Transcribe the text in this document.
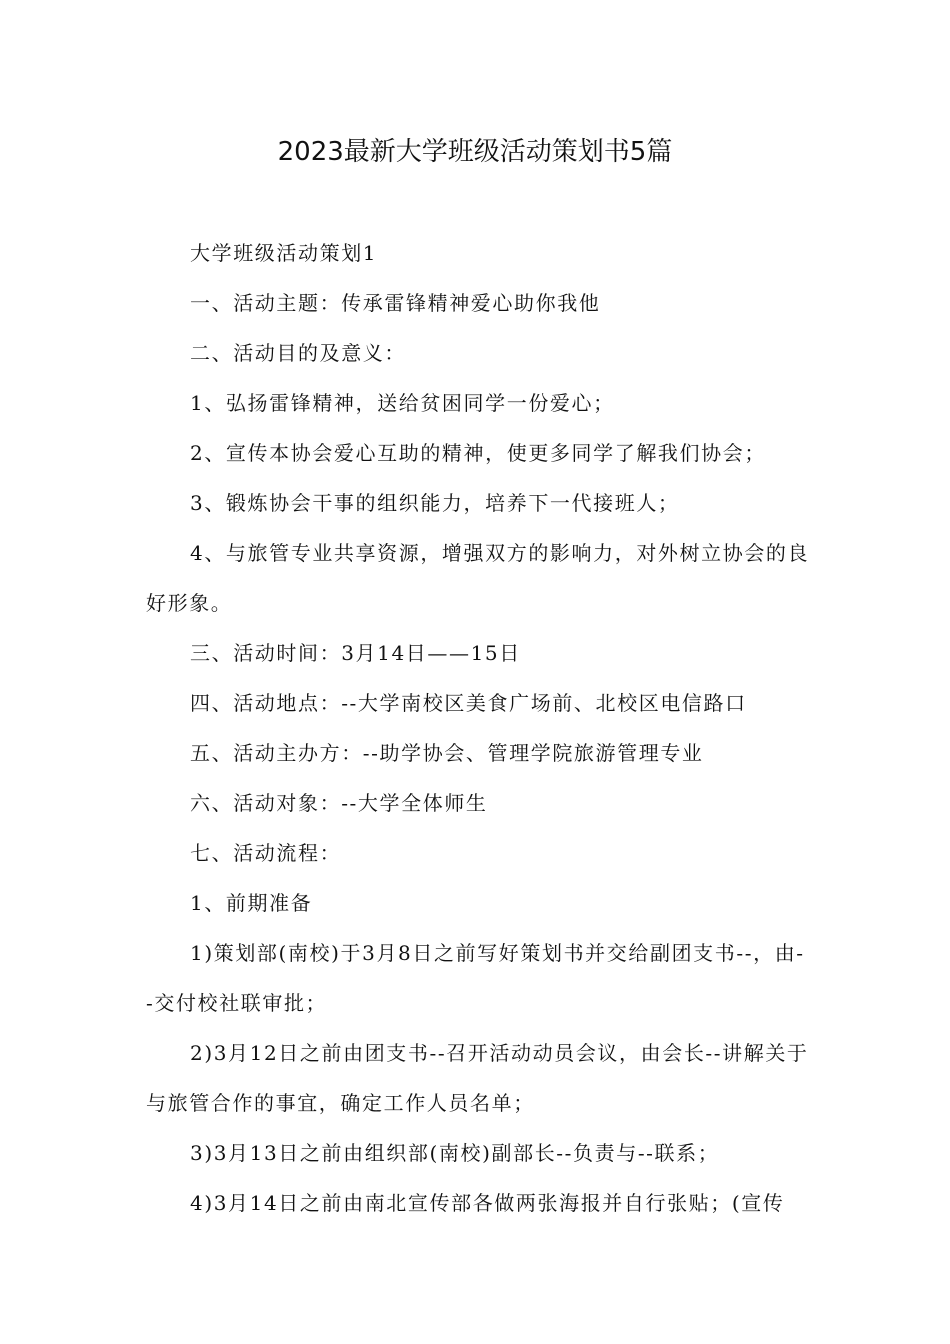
2023最新大学班级活动策划书5篇

大学班级活动策划1

一、活动主题：传承雷锋精神爱心助你我他

二、活动目的及意义：

1、弘扬雷锋精神，送给贫困同学一份爱心；

2、宣传本协会爱心互助的精神，使更多同学了解我们协会；

3、锻炼协会干事的组织能力，培养下一代接班人；

4、与旅管专业共享资源，增强双方的影响力，对外树立协会的良好形象。

三、活动时间：3月14日——15日

四、活动地点：--大学南校区美食广场前、北校区电信路口

五、活动主办方：--助学协会、管理学院旅游管理专业

六、活动对象：--大学全体师生

七、活动流程：

1、前期准备

1)策划部(南校)于3月8日之前写好策划书并交给副团支书--，由--交付校社联审批；

2)3月12日之前由团支书--召开活动动员会议，由会长--讲解关于与旅管合作的事宜，确定工作人员名单；

3)3月13日之前由组织部(南校)副部长--负责与--联系；

4)3月14日之前由南北宣传部各做两张海报并自行张贴；(宣传
